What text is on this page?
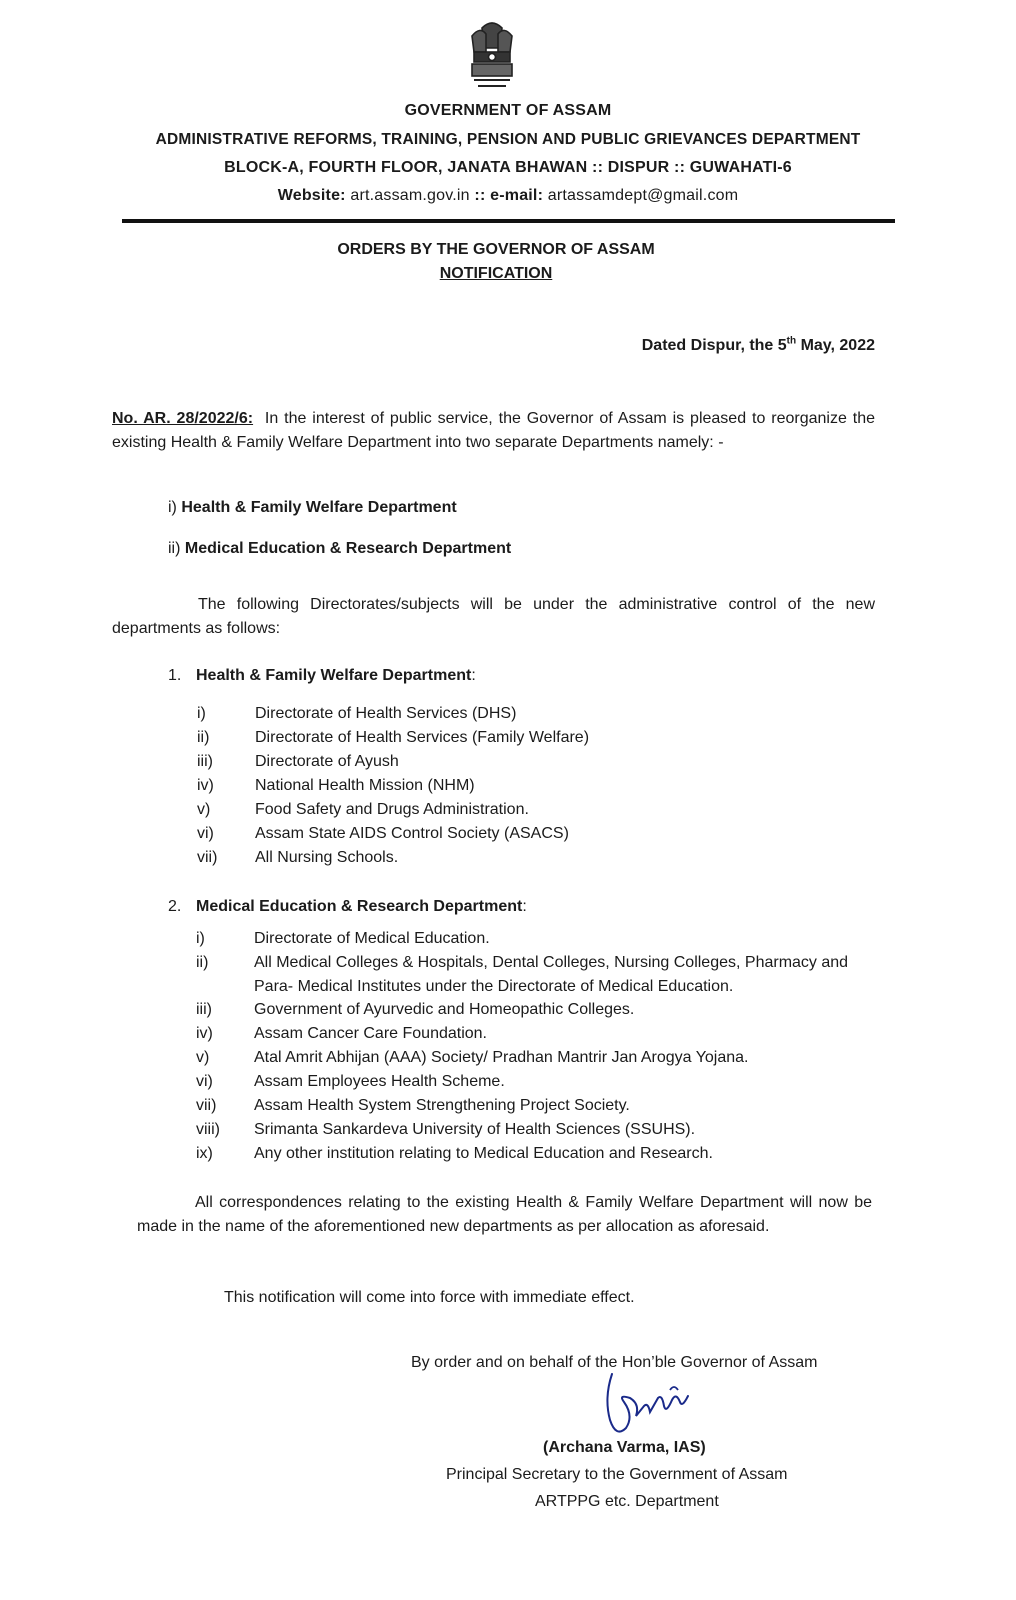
GOVERNMENT OF ASSAM
ADMINISTRATIVE REFORMS, TRAINING, PENSION AND PUBLIC GRIEVANCES DEPARTMENT
BLOCK-A, FOURTH FLOOR, JANATA BHAWAN :: DISPUR :: GUWAHATI-6
Website: art.assam.gov.in :: e-mail: artassamdept@gmail.com
ORDERS BY THE GOVERNOR OF ASSAM
NOTIFICATION
Dated Dispur, the 5th May, 2022
No. AR. 28/2022/6: In the interest of public service, the Governor of Assam is pleased to reorganize the existing Health & Family Welfare Department into two separate Departments namely: -
i) Health & Family Welfare Department
ii) Medical Education & Research Department
The following Directorates/subjects will be under the administrative control of the new departments as follows:
1. Health & Family Welfare Department:
i)	Directorate of Health Services (DHS)
ii)	Directorate of Health Services (Family Welfare)
iii)	Directorate of Ayush
iv)	National Health Mission (NHM)
v)	Food Safety and Drugs Administration.
vi)	Assam State AIDS Control Society (ASACS)
vii)	All Nursing Schools.
2. Medical Education & Research Department:
i)	Directorate of Medical Education.
ii)	All Medical Colleges & Hospitals, Dental Colleges, Nursing Colleges, Pharmacy and Para- Medical Institutes under the Directorate of Medical Education.
iii)	Government of Ayurvedic and Homeopathic Colleges.
iv)	Assam Cancer Care Foundation.
v)	Atal Amrit Abhijan (AAA) Society/ Pradhan Mantrir Jan Arogya Yojana.
vi)	Assam Employees Health Scheme.
vii)	Assam Health System Strengthening Project Society.
viii)	Srimanta Sankardeva University of Health Sciences (SSUHS).
ix)	Any other institution relating to Medical Education and Research.
All correspondences relating to the existing Health & Family Welfare Department will now be made in the name of the aforementioned new departments as per allocation as aforesaid.
This notification will come into force with immediate effect.
By order and on behalf of the Hon’ble Governor of Assam
(Archana Varma, IAS)
Principal Secretary to the Government of Assam
ARTPPG etc. Department
